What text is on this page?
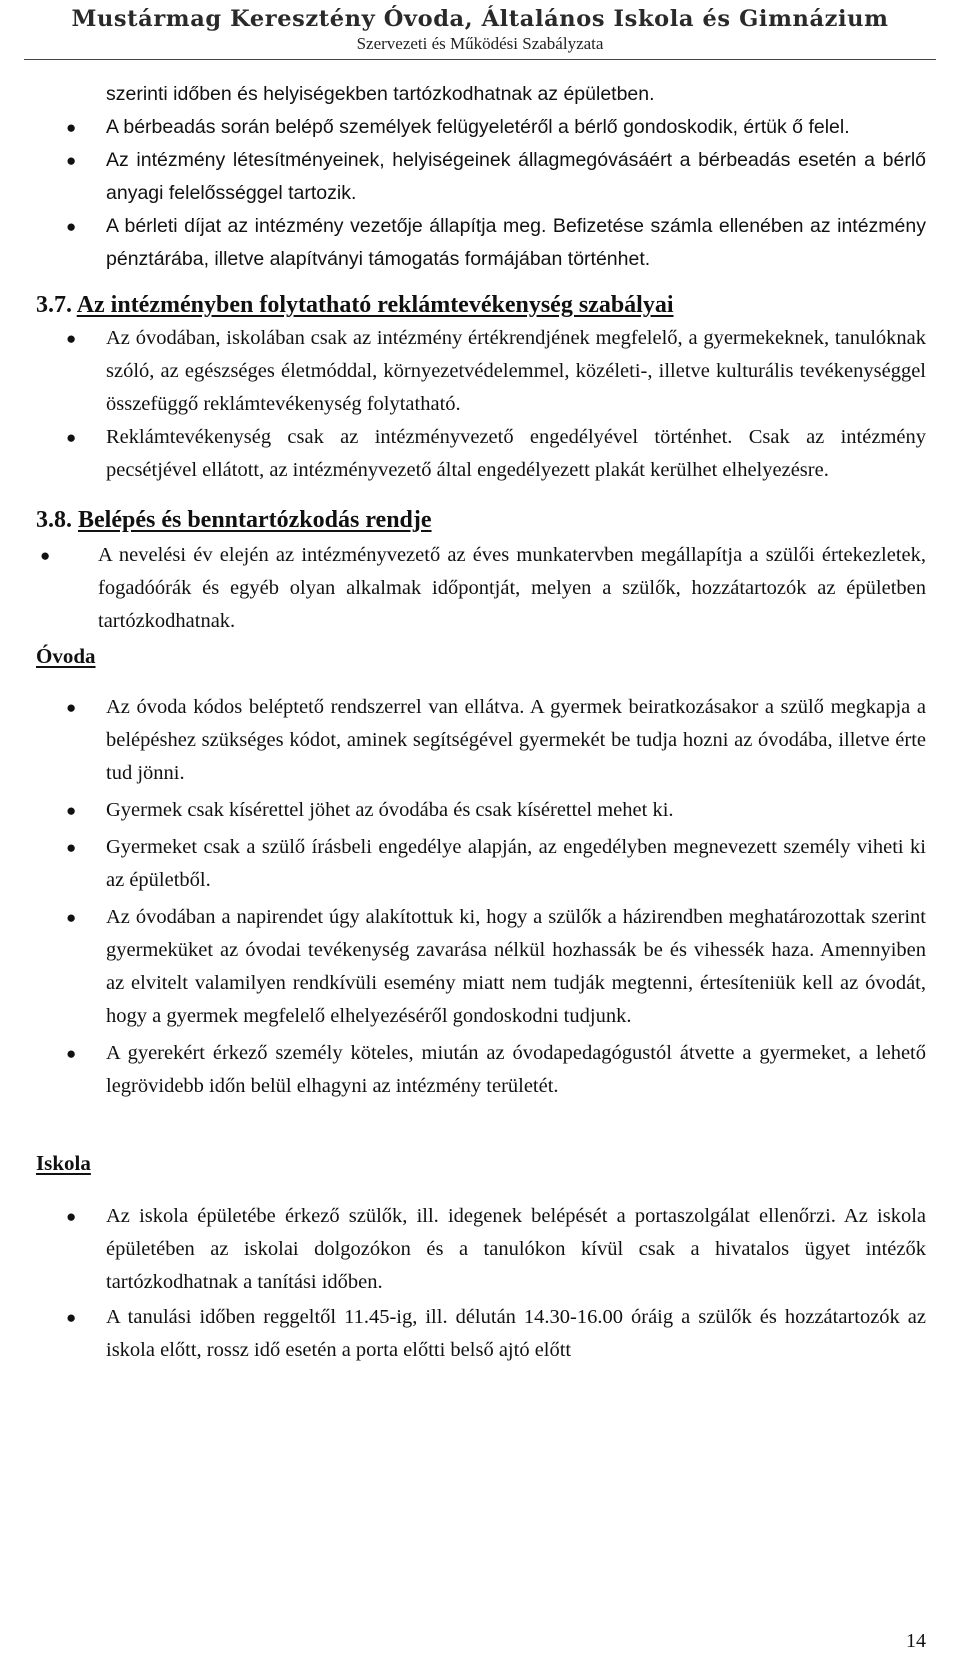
Mustármag Keresztény Óvoda, Általános Iskola és Gimnázium
Szervezeti és Működési Szabályzata
szerinti időben és helyiségekben tartózkodhatnak az épületben.
● A bérbeadás során belépő személyek felügyeletéről a bérlő gondoskodik, értük ő felel.
● Az intézmény létesítményeinek, helyiségeinek állagmegóvásáért a bérbeadás esetén a bérlő anyagi felelősséggel tartozik.
● A bérleti díjat az intézmény vezetője állapítja meg. Befizetése számla ellenében az intézmény pénztárába, illetve alapítványi támogatás formájában történhet.
3.7. Az intézményben folytatható reklámtevékenység szabályai
● Az óvodában, iskolában csak az intézmény értékrendjének megfelelő, a gyermekeknek, tanulóknak szóló, az egészséges életmóddal, környezetvédelemmel, közéleti-, illetve kulturális tevékenységgel összefüggő reklámtevékenység folytatható.
● Reklámtevékenység csak az intézményvezető engedélyével történhet. Csak az intézmény pecsétjével ellátott, az intézményvezető által engedélyezett plakát kerülhet elhelyezésre.
3.8. Belépés és benntartózkodás rendje
● A nevelési év elején az intézményvezető az éves munkatervben megállapítja a szülői értekezletek, fogadóórák és egyéb olyan alkalmak időpontját, melyen a szülők, hozzátartozók az épületben tartózkodhatnak.
Óvoda
● Az óvoda kódos beléptető rendszerrel van ellátva. A gyermek beiratkozásakor a szülő megkapja a belépéshez szükséges kódot, aminek segítségével gyermekét be tudja hozni az óvodába, illetve érte tud jönni.
● Gyermek csak kísérettel jöhet az óvodába és csak kísérettel mehet ki.
● Gyermeket csak a szülő írásbeli engedélye alapján, az engedélyben megnevezett személy viheti ki az épületből.
● Az óvodában a napirendet úgy alakítottuk ki, hogy a szülők a házirendben meghatározottak szerint gyermeküket az óvodai tevékenység zavarása nélkül hozhassák be és vihessék haza. Amennyiben az elvitelt valamilyen rendkívüli esemény miatt nem tudják megtenni, értesíteniük kell az óvodát, hogy a gyermek megfelelő elhelyezéséről gondoskodni tudjunk.
● A gyerekért érkező személy köteles, miután az óvodapedagógustól átvette a gyermeket, a lehető legrövidebb időn belül elhagyni az intézmény területét.
Iskola
● Az iskola épületébe érkező szülők, ill. idegenek belépését a portaszolgálat ellenőrzi. Az iskola épületében az iskolai dolgozókon és a tanulókon kívül csak a hivatalos ügyet intézők tartózkodhatnak a tanítási időben.
● A tanulási időben reggeltől 11.45-ig, ill. délután 14.30-16.00 óráig a szülők és hozzátartozók az iskola előtt, rossz idő esetén a porta előtti belső ajtó előtt
14
